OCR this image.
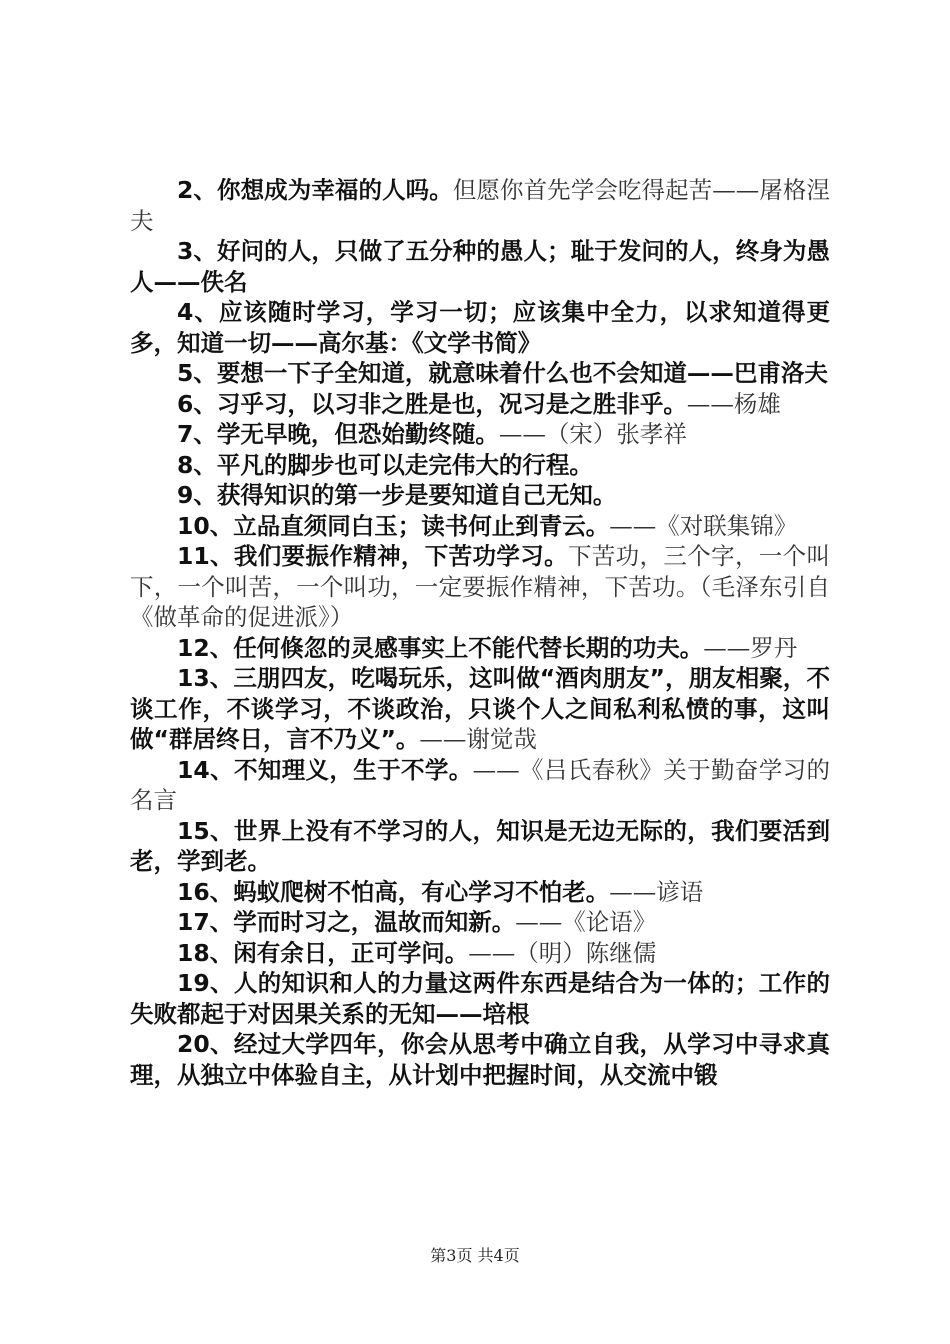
2、你想成为幸福的人吗。但愿你首先学会吃得起苦——屠格涅夫

3、好问的人，只做了五分种的愚人；耻于发问的人，终身为愚人——佚名

4、应该随时学习，学习一切；应该集中全力，以求知道得更多，知道一切——高尔基：《文学书简》

5、要想一下子全知道，就意味着什么也不会知道——巴甫洛夫

6、习乎习，以习非之胜是也，况习是之胜非乎。——杨雄

7、学无早晚，但恐始勤终随。——（宋）张孝祥

8、平凡的脚步也可以走完伟大的行程。

9、获得知识的第一步是要知道自己无知。

10、立品直须同白玉；读书何止到青云。——《对联集锦》

11、我们要振作精神，下苦功学习。下苦功，三个字，一个叫下，一个叫苦，一个叫功，一定要振作精神，下苦功。（毛泽东引自《做革命的促进派》）

12、任何倏忽的灵感事实上不能代替长期的功夫。——罗丹

13、三朋四友，吃喝玩乐，这叫做“酒肉朋友”，朋友相聚，不谈工作，不谈学习，不谈政治，只谈个人之间私利私愤的事，这叫做“群居终日，言不乃义”。——谢觉哉

14、不知理义，生于不学。——《吕氏春秋》关于勤奋学习的名言

15、世界上没有不学习的人，知识是无边无际的，我们要活到老，学到老。

16、蚂蚁爬树不怕高，有心学习不怕老。——谚语

17、学而时习之，温故而知新。——《论语》

18、闲有余日，正可学问。——（明）陈继儒

19、人的知识和人的力量这两件东西是结合为一体的；工作的失败都起于对因果关系的无知——培根

20、经过大学四年，你会从思考中确立自我，从学习中寻求真理，从独立中体验自主，从计划中把握时间，从交流中锻

第3页 共4页
